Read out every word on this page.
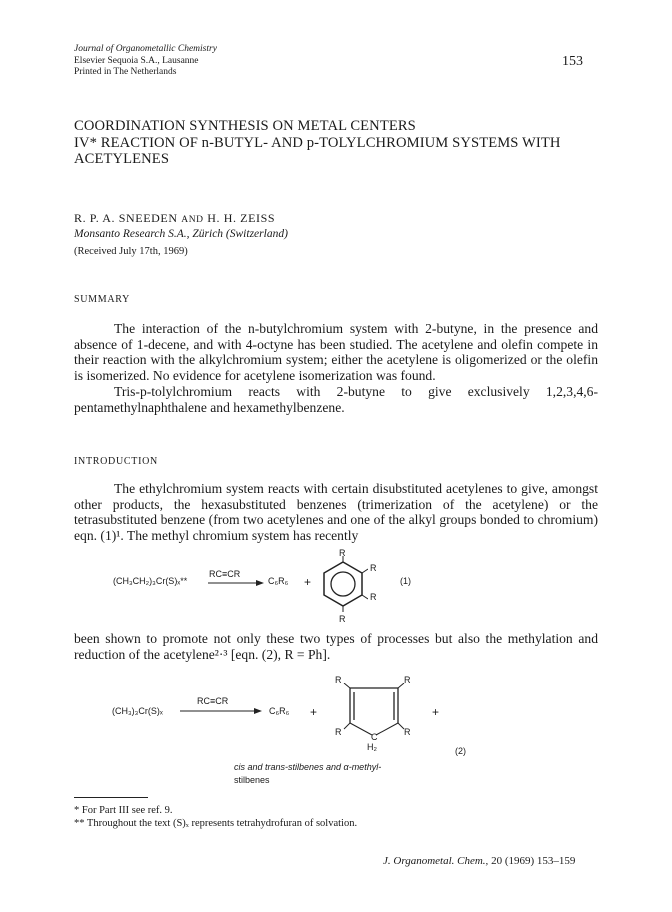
Journal of Organometallic Chemistry
Elsevier Sequoia S.A., Lausanne
Printed in The Netherlands
153
COORDINATION SYNTHESIS ON METAL CENTERS
IV* REACTION OF n-BUTYL- AND p-TOLYLCHROMIUM SYSTEMS WITH
ACETYLENES
R. P. A. SNEEDEN AND H. H. ZEISS
Monsanto Research S.A., Zürich (Switzerland)
(Received July 17th, 1969)
SUMMARY

The interaction of the n-butylchromium system with 2-butyne, in the presence and absence of 1-decene, and with 4-octyne has been studied. The acetylene and olefin compete in their reaction with the alkylchromium system; either the acetylene is oligomerized or the olefin is isomerized. No evidence for acetylene isomerization was found.

Tris-p-tolylchromium reacts with 2-butyne to give exclusively 1,2,3,4,6-pentamethylnaphthalene and hexamethylbenzene.

INTRODUCTION

The ethylchromium system reacts with certain disubstituted acetylenes to give, amongst other products, the hexasubstituted benzenes (trimerization of the acetylene) or the tetrasubstituted benzene (from two acetylenes and one of the alkyl groups bonded to chromium) eqn. (1)¹. The methyl chromium system has recently

(CH₃CH₂)₃Cr(S)ₓ**
RC≡CR
C₆R₆ +
R
R
R
R
(1)

been shown to promote not only these two types of processes but also the methylation and reduction of the acetylene²·³ [eqn. (2), R = Ph].

(CH₃)₃Cr(S)ₓ
RC≡CR
C₆R₆ +
R	R
R	R
C
H₂
+
(2)
cis and trans-stilbenes and α-methyl-
stilbenes
* For Part III see ref. 9.
** Throughout the text (S)ₓ represents tetrahydrofuran of solvation.
J. Organometal. Chem., 20 (1969) 153–159
